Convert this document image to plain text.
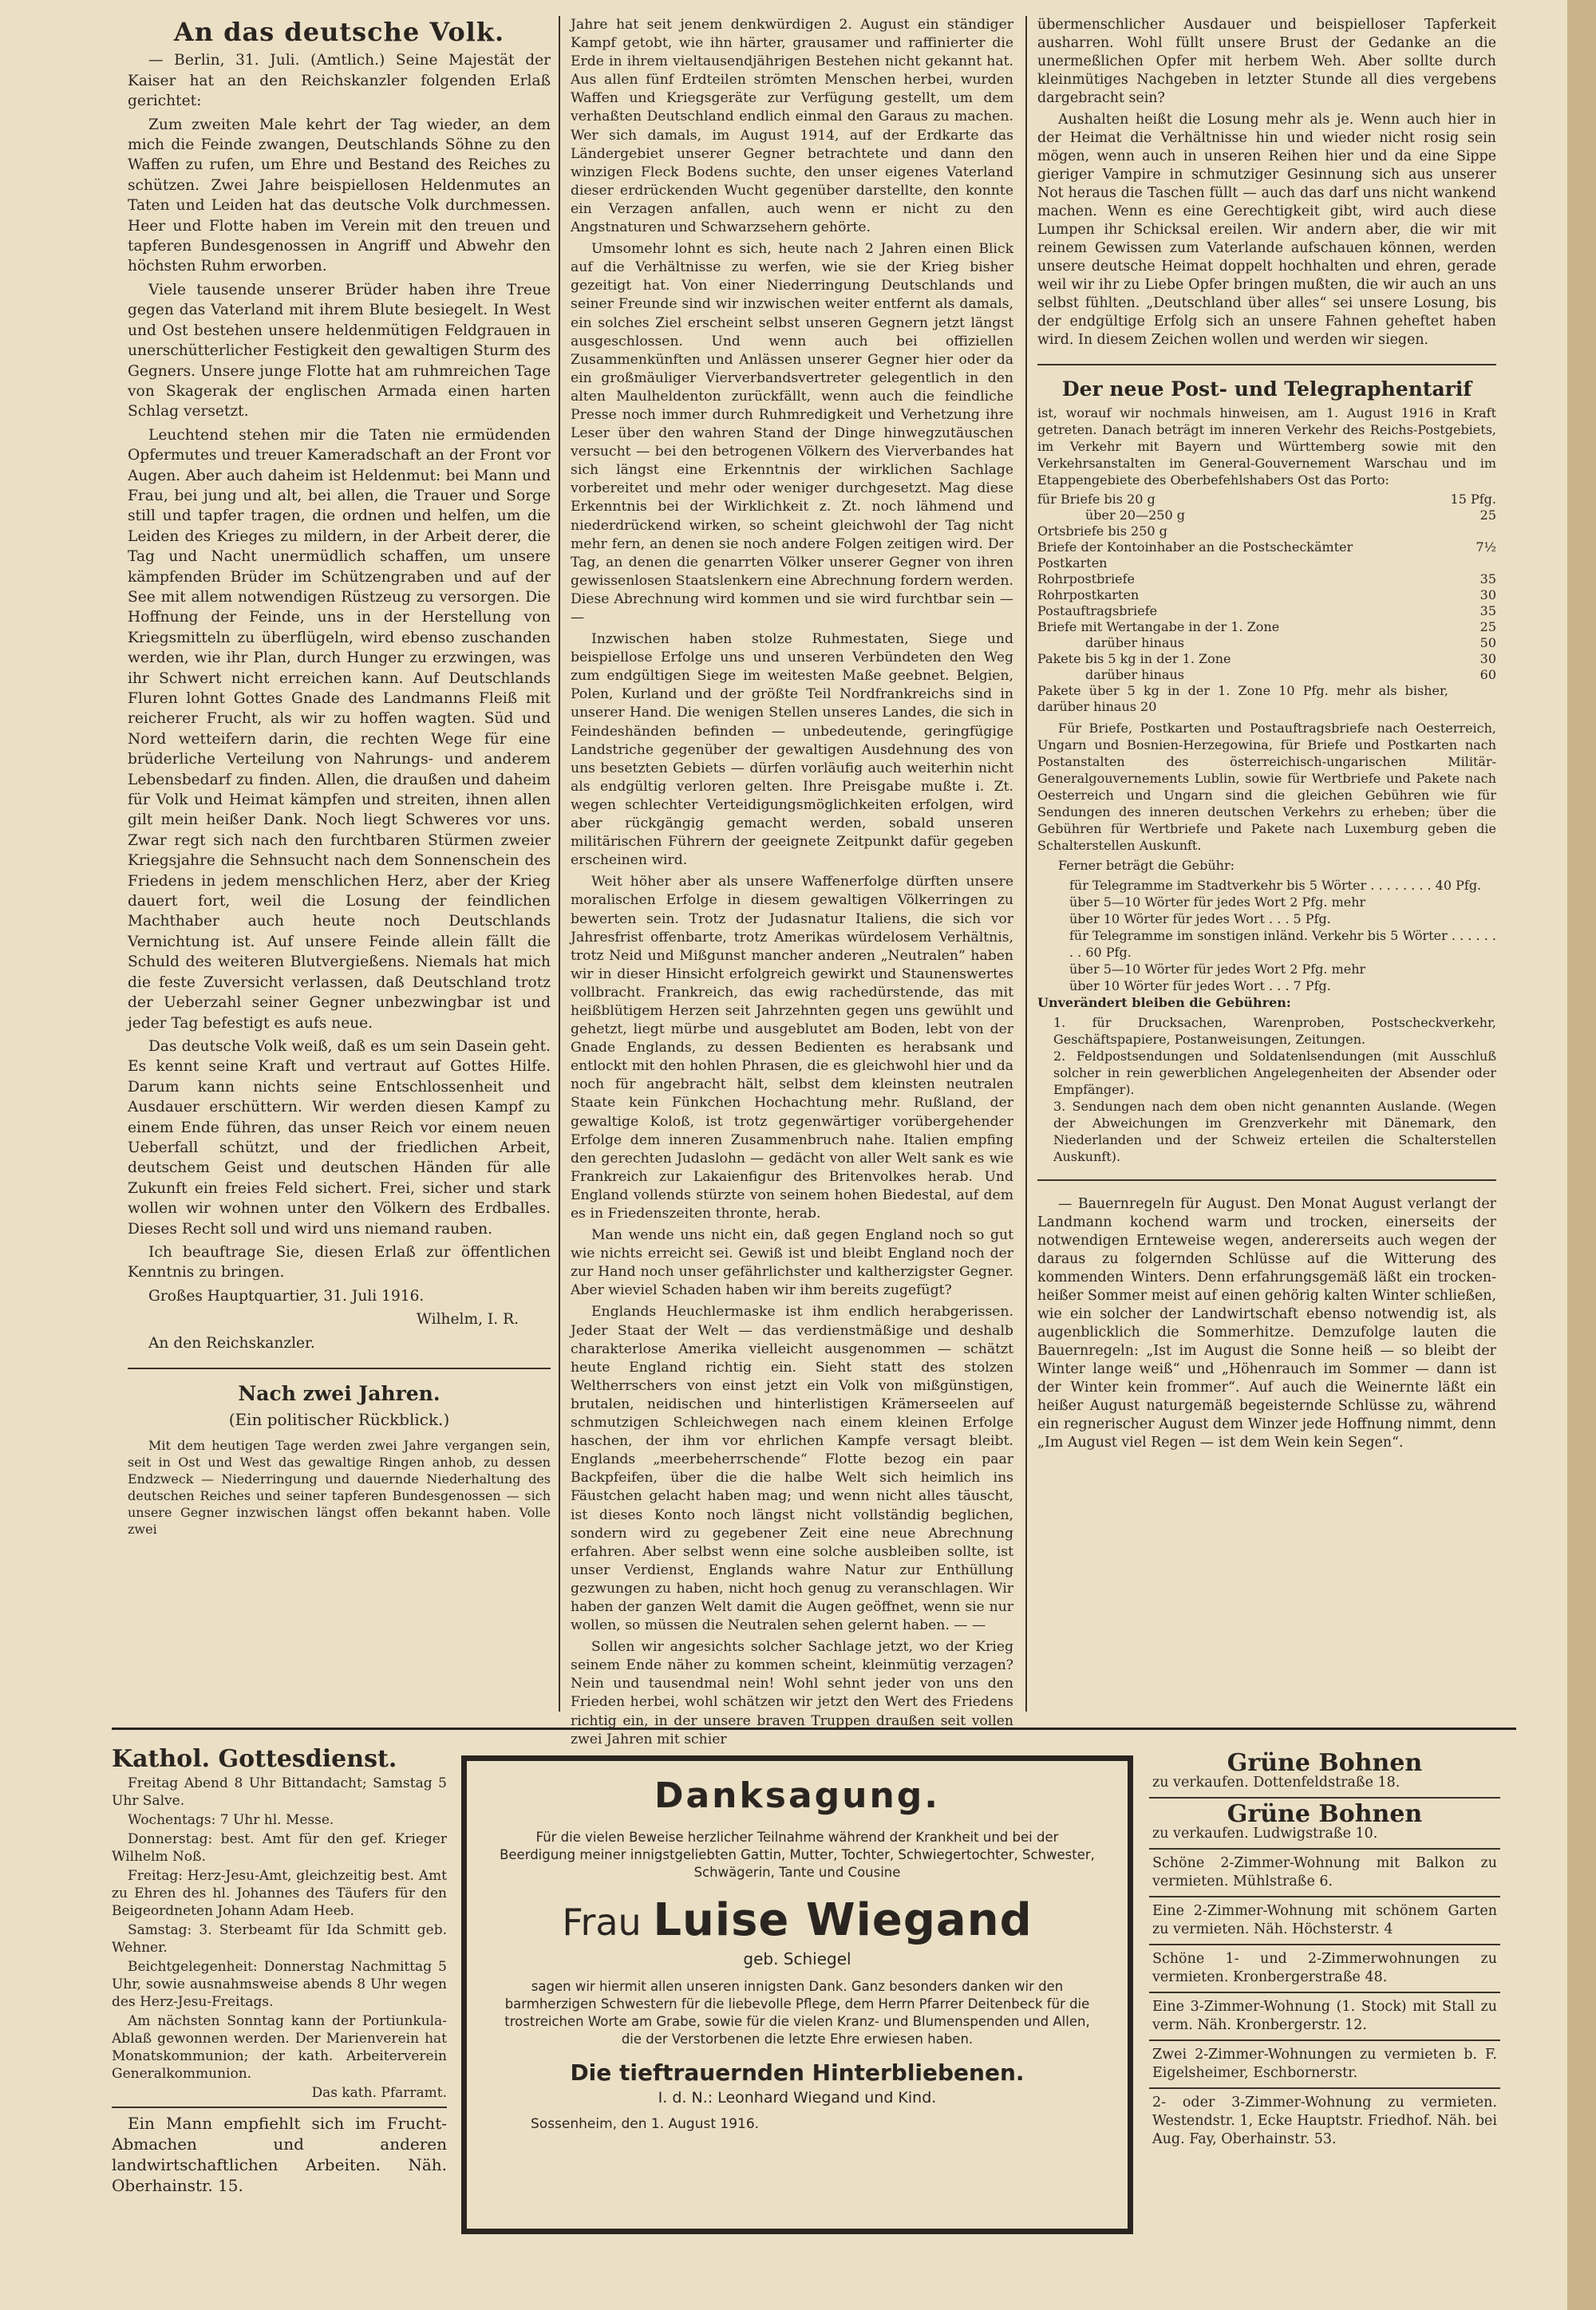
An das deutsche Volk.

— Berlin, 31. Juli. (Amtlich.) Seine Majestät der Kaiser hat an den Reichskanzler folgenden Erlaß gerichtet:

Zum zweiten Male kehrt der Tag wieder, an dem mich die Feinde zwangen, Deutschlands Söhne zu den Waffen zu rufen, um Ehre und Bestand des Reiches zu schützen. Zwei Jahre beispiellosen Heldenmutes an Taten und Leiden hat das deutsche Volk durchmessen. Heer und Flotte haben im Verein mit den treuen und tapferen Bundesgenossen in Angriff und Abwehr den höchsten Ruhm erworben.

Viele tausende unserer Brüder haben ihre Treue gegen das Vaterland mit ihrem Blute besiegelt. In West und Ost bestehen unsere heldenmütigen Feldgrauen in unerschütterlicher Festigkeit den gewaltigen Sturm des Gegners. Unsere junge Flotte hat am ruhmreichen Tage von Skagerak der englischen Armada einen harten Schlag versetzt.

Leuchtend stehen mir die Taten nie ermüdenden Opfermutes und treuer Kameradschaft an der Front vor Augen. Aber auch daheim ist Heldenmut: bei Mann und Frau, bei jung und alt, bei allen, die Trauer und Sorge still und tapfer tragen, die ordnen und helfen, um die Leiden des Krieges zu mildern, in der Arbeit derer, die Tag und Nacht unermüdlich schaffen, um unsere kämpfenden Brüder im Schützengraben und auf der See mit allem notwendigen Rüstzeug zu versorgen. Die Hoffnung der Feinde, uns in der Herstellung von Kriegsmitteln zu überflügeln, wird ebenso zuschanden werden, wie ihr Plan, durch Hunger zu erzwingen, was ihr Schwert nicht erreichen kann. Auf Deutschlands Fluren lohnt Gottes Gnade des Landmanns Fleiß mit reicherer Frucht, als wir zu hoffen wagten. Süd und Nord wetteifern darin, die rechten Wege für eine brüderliche Verteilung von Nahrungs- und anderem Lebensbedarf zu finden. Allen, die draußen und daheim für Volk und Heimat kämpfen und streiten, ihnen allen gilt mein heißer Dank. Noch liegt Schweres vor uns. Zwar regt sich nach den furchtbaren Stürmen zweier Kriegsjahre die Sehnsucht nach dem Sonnenschein des Friedens in jedem menschlichen Herz, aber der Krieg dauert fort, weil die Losung der feindlichen Machthaber auch heute noch Deutschlands Vernichtung ist. Auf unsere Feinde allein fällt die Schuld des weiteren Blutvergießens. Niemals hat mich die feste Zuversicht verlassen, daß Deutschland trotz der Ueberzahl seiner Gegner unbezwingbar ist und jeder Tag befestigt es aufs neue.

Das deutsche Volk weiß, daß es um sein Dasein geht. Es kennt seine Kraft und vertraut auf Gottes Hilfe. Darum kann nichts seine Entschlossenheit und Ausdauer erschüttern. Wir werden diesen Kampf zu einem Ende führen, das unser Reich vor einem neuen Ueberfall schützt, und der friedlichen Arbeit, deutschem Geist und deutschen Händen für alle Zukunft ein freies Feld sichert. Frei, sicher und stark wollen wir wohnen unter den Völkern des Erdballes. Dieses Recht soll und wird uns niemand rauben.

Ich beauftrage Sie, diesen Erlaß zur öffentlichen Kenntnis zu bringen.

Großes Hauptquartier, 31. Juli 1916.

Wilhelm, I. R.

An den Reichskanzler.

Nach zwei Jahren.
(Ein politischer Rückblick.)

Mit dem heutigen Tage werden zwei Jahre vergangen sein, seit in Ost und West das gewaltige Ringen anhob, zu dessen Endzweck — Niederringung und dauernde Niederhaltung des deutschen Reiches und seiner tapferen Bundesgenossen — sich unsere Gegner inzwischen längst offen bekannt haben. Volle zwei

Jahre hat seit jenem denkwürdigen 2. August ein ständiger Kampf getobt, wie ihn härter, grausamer und raffinierter die Erde in ihrem vieltausendjährigen Bestehen nicht gekannt hat. Aus allen fünf Erdteilen strömten Menschen herbei, wurden Waffen und Kriegsgeräte zur Verfügung gestellt, um dem verhaßten Deutschland endlich einmal den Garaus zu machen. Wer sich damals, im August 1914, auf der Erdkarte das Ländergebiet unserer Gegner betrachtete und dann den winzigen Fleck Bodens suchte, den unser eigenes Vaterland dieser erdrückenden Wucht gegenüber darstellte, den konnte ein Verzagen anfallen, auch wenn er nicht zu den Angstnaturen und Schwarzsehern gehörte.

Umsomehr lohnt es sich, heute nach 2 Jahren einen Blick auf die Verhältnisse zu werfen, wie sie der Krieg bisher gezeitigt hat. Von einer Niederringung Deutschlands und seiner Freunde sind wir inzwischen weiter entfernt als damals, ein solches Ziel erscheint selbst unseren Gegnern jetzt längst ausgeschlossen. Und wenn auch bei offiziellen Zusammenkünften und Anlässen unserer Gegner hier oder da ein großmäuliger Vierverbandsvertreter gelegentlich in den alten Maulheldenton zurückfällt, wenn auch die feindliche Presse noch immer durch Ruhmredigkeit und Verhetzung ihre Leser über den wahren Stand der Dinge hinwegzutäuschen versucht — bei den betrogenen Völkern des Vierverbandes hat sich längst eine Erkenntnis der wirklichen Sachlage vorbereitet und mehr oder weniger durchgesetzt. Mag diese Erkenntnis bei der Wirklichkeit z. Zt. noch lähmend und niederdrückend wirken, so scheint gleichwohl der Tag nicht mehr fern, an denen sie noch andere Folgen zeitigen wird. Der Tag, an denen die genarrten Völker unserer Gegner von ihren gewissenlosen Staatslenkern eine Abrechnung fordern werden. Diese Abrechnung wird kommen und sie wird furchtbar sein — —

Inzwischen haben stolze Ruhmestaten, Siege und beispiellose Erfolge uns und unseren Verbündeten den Weg zum endgültigen Siege im weitesten Maße geebnet. Belgien, Polen, Kurland und der größte Teil Nordfrankreichs sind in unserer Hand. Die wenigen Stellen unseres Landes, die sich in Feindeshänden befinden — unbedeutende, geringfügige Landstriche gegenüber der gewaltigen Ausdehnung des von uns besetzten Gebiets — dürfen vorläufig auch weiterhin nicht als endgültig verloren gelten. Ihre Preisgabe mußte i. Zt. wegen schlechter Verteidigungsmöglichkeiten erfolgen, wird aber rückgängig gemacht werden, sobald unseren militärischen Führern der geeignete Zeitpunkt dafür gegeben erscheinen wird.

Weit höher aber als unsere Waffenerfolge dürften unsere moralischen Erfolge in diesem gewaltigen Völkerringen zu bewerten sein. Trotz der Judasnatur Italiens, die sich vor Jahresfrist offenbarte, trotz Amerikas würdelosem Verhältnis, trotz Neid und Mißgunst mancher anderen „Neutralen“ haben wir in dieser Hinsicht erfolgreich gewirkt und Staunenswertes vollbracht. Frankreich, das ewig rachedürstende, das mit heißblütigem Herzen seit Jahrzehnten gegen uns gewühlt und gehetzt, liegt mürbe und ausgeblutet am Boden, lebt von der Gnade Englands, zu dessen Bedienten es herabsank und entlockt mit den hohlen Phrasen, die es gleichwohl hier und da noch für angebracht hält, selbst dem kleinsten neutralen Staate kein Fünkchen Hochachtung mehr. Rußland, der gewaltige Koloß, ist trotz gegenwärtiger vorübergehender Erfolge dem inneren Zusammenbruch nahe. Italien empfing den gerechten Judaslohn — gedächt von aller Welt sank es wie Frankreich zur Lakaienfigur des Britenvolkes herab. Und England vollends stürzte von seinem hohen Biedestal, auf dem es in Friedenszeiten thronte, herab.

Man wende uns nicht ein, daß gegen England noch so gut wie nichts erreicht sei. Gewiß ist und bleibt England noch der zur Hand noch unser gefährlichster und kaltherzigster Gegner. Aber wieviel Schaden haben wir ihm bereits zugefügt?

Englands Heuchlermaske ist ihm endlich herabgerissen. Jeder Staat der Welt — das verdienstmäßige und deshalb charakterlose Amerika vielleicht ausgenommen — schätzt heute England richtig ein. Sieht statt des stolzen Weltherrschers von einst jetzt ein Volk von mißgünstigen, brutalen, neidischen und hinterlistigen Krämerseelen auf schmutzigen Schleichwegen nach einem kleinen Erfolge haschen, der ihm vor ehrlichen Kampfe versagt bleibt. Englands „meerbeherrschende“ Flotte bezog ein paar Backpfeifen, über die die halbe Welt sich heimlich ins Fäustchen gelacht haben mag; und wenn nicht alles täuscht, ist dieses Konto noch längst nicht vollständig beglichen, sondern wird zu gegebener Zeit eine neue Abrechnung erfahren. Aber selbst wenn eine solche ausbleiben sollte, ist unser Verdienst, Englands wahre Natur zur Enthüllung gezwungen zu haben, nicht hoch genug zu veranschlagen. Wir haben der ganzen Welt damit die Augen geöffnet, wenn sie nur wollen, so müssen die Neutralen sehen gelernt haben. — —

Sollen wir angesichts solcher Sachlage jetzt, wo der Krieg seinem Ende näher zu kommen scheint, kleinmütig verzagen? Nein und tausendmal nein! Wohl sehnt jeder von uns den Frieden herbei, wohl schätzen wir jetzt den Wert des Friedens richtig ein, in der unsere braven Truppen draußen seit vollen zwei Jahren mit schier

übermenschlicher Ausdauer und beispielloser Tapferkeit ausharren. Wohl füllt unsere Brust der Gedanke an die unermeßlichen Opfer mit herbem Weh. Aber sollte durch kleinmütiges Nachgeben in letzter Stunde all dies vergebens dargebracht sein?

Aushalten heißt die Losung mehr als je. Wenn auch hier in der Heimat die Verhältnisse hin und wieder nicht rosig sein mögen, wenn auch in unseren Reihen hier und da eine Sippe gieriger Vampire in schmutziger Gesinnung sich aus unserer Not heraus die Taschen füllt — auch das darf uns nicht wankend machen. Wenn es eine Gerechtigkeit gibt, wird auch diese Lumpen ihr Schicksal ereilen. Wir andern aber, die wir mit reinem Gewissen zum Vaterlande aufschauen können, werden unsere deutsche Heimat doppelt hochhalten und ehren, gerade weil wir ihr zu Liebe Opfer bringen mußten, die wir auch an uns selbst fühlten. „Deutschland über alles“ sei unsere Losung, bis der endgültige Erfolg sich an unsere Fahnen geheftet haben wird. In diesem Zeichen wollen und werden wir siegen.

Der neue Post- und Telegraphentarif

ist, worauf wir nochmals hinweisen, am 1. August 1916 in Kraft getreten. Danach beträgt im inneren Verkehr des Reichs-Postgebiets, im Verkehr mit Bayern und Württemberg sowie mit den Verkehrsanstalten im General-Gouvernement Warschau und im Etappengebiete des Oberbefehlshabers Ost das Porto:

für Briefe bis 20 g	15 Pfg.
über 20—250 g	25
Ortsbriefe bis 250 g	
Briefe der Kontoinhaber an die Postscheckämter	7½
Postkarten	
Rohrpostbriefe	35
Rohrpostkarten	30
Postauftragsbriefe	35
Briefe mit Wertangabe in der 1. Zone	25
darüber hinaus	50
Pakete bis 5 kg in der 1. Zone	30
darüber hinaus	60
Pakete über 5 kg in der 1. Zone 10 Pfg. mehr als bisher, darüber hinaus 20	

Für Briefe, Postkarten und Postauftragsbriefe nach Oesterreich, Ungarn und Bosnien-Herzegowina, für Briefe und Postkarten nach Postanstalten des österreichisch-ungarischen Militär-Generalgouvernements Lublin, sowie für Wertbriefe und Pakete nach Oesterreich und Ungarn sind die gleichen Gebühren wie für Sendungen des inneren deutschen Verkehrs zu erheben; über die Gebühren für Wertbriefe und Pakete nach Luxemburg geben die Schalterstellen Auskunft.

Ferner beträgt die Gebühr:

für Telegramme im Stadtverkehr bis 5 Wörter . . . . . . . . 40 Pfg.
über 5—10 Wörter für jedes Wort 2 Pfg. mehr
über 10 Wörter für jedes Wort . . . 5 Pfg.
für Telegramme im sonstigen inländ. Verkehr bis 5 Wörter . . . . . . . . 60 Pfg.
über 5—10 Wörter für jedes Wort 2 Pfg. mehr
über 10 Wörter für jedes Wort . . . 7 Pfg.

Unverändert bleiben die Gebühren:

1. für Drucksachen, Warenproben, Postscheckverkehr, Geschäftspapiere, Postanweisungen, Zeitungen.
2. Feldpostsendungen und Soldatenlsendungen (mit Ausschluß solcher in rein gewerblichen Angelegenheiten der Absender oder Empfänger).
3. Sendungen nach dem oben nicht genannten Auslande. (Wegen der Abweichungen im Grenzverkehr mit Dänemark, den Niederlanden und der Schweiz erteilen die Schalterstellen Auskunft).

— Bauernregeln für August. Den Monat August verlangt der Landmann kochend warm und trocken, einerseits der notwendigen Ernteweise wegen, andererseits auch wegen der daraus zu folgernden Schlüsse auf die Witterung des kommenden Winters. Denn erfahrungsgemäß läßt ein trocken-heißer Sommer meist auf einen gehörig kalten Winter schließen, wie ein solcher der Landwirtschaft ebenso notwendig ist, als augenblicklich die Sommerhitze. Demzufolge lauten die Bauernregeln: „Ist im August die Sonne heiß — so bleibt der Winter lange weiß“ und „Höhenrauch im Sommer — dann ist der Winter kein frommer“. Auf auch die Weinernte läßt ein heißer August naturgemäß begeisternde Schlüsse zu, während ein regnerischer August dem Winzer jede Hoffnung nimmt, denn „Im August viel Regen — ist dem Wein kein Segen“.

Kathol. Gottesdienst.

Freitag Abend 8 Uhr Bittandacht; Samstag 5 Uhr Salve.

Wochentags: 7 Uhr hl. Messe.

Donnerstag: best. Amt für den gef. Krieger Wilhelm Noß.

Freitag: Herz-Jesu-Amt, gleichzeitig best. Amt zu Ehren des hl. Johannes des Täufers für den Beigeordneten Johann Adam Heeb.

Samstag: 3. Sterbeamt für Ida Schmitt geb. Wehner.

Beichtgelegenheit: Donnerstag Nachmittag 5 Uhr, sowie ausnahmsweise abends 8 Uhr wegen des Herz-Jesu-Freitags.

Am nächsten Sonntag kann der Portiunkula-Ablaß gewonnen werden. Der Marienverein hat Monatskommunion; der kath. Arbeiterverein Generalkommunion.

Das kath. Pfarramt.

Ein Mann empfiehlt sich im Frucht-Abmachen und anderen landwirtschaftlichen Arbeiten. Näh. Oberhainstr. 15.

Danksagung.
Für die vielen Beweise herzlicher Teilnahme während der Krankheit und bei der Beerdigung meiner innigstgeliebten Gattin, Mutter, Tochter, Schwiegertochter, Schwester, Schwägerin, Tante und Cousine
Frau Luise Wiegand
geb. Schiegel
sagen wir hiermit allen unseren innigsten Dank. Ganz besonders danken wir den barmherzigen Schwestern für die liebevolle Pflege, dem Herrn Pfarrer Deitenbeck für die trostreichen Worte am Grabe, sowie für die vielen Kranz- und Blumenspenden und Allen, die der Verstorbenen die letzte Ehre erwiesen haben.
Die tieftrauernden Hinterbliebenen.
I. d. N.: Leonhard Wiegand und Kind.
Sossenheim, den 1. August 1916.
Grüne Bohnen
zu verkaufen. Dottenfeldstraße 18.
Grüne Bohnen
zu verkaufen. Ludwigstraße 10.
Schöne 2-Zimmer-Wohnung mit Balkon zu vermieten. Mühlstraße 6.
Eine 2-Zimmer-Wohnung mit schönem Garten zu vermieten. Näh. Höchsterstr. 4
Schöne 1- und 2-Zimmerwohnungen zu vermieten. Kronbergerstraße 48.
Eine 3-Zimmer-Wohnung (1. Stock) mit Stall zu verm. Näh. Kronbergerstr. 12.
Zwei 2-Zimmer-Wohnungen zu vermieten b. F. Eigelsheimer, Eschbornerstr.
2- oder 3-Zimmer-Wohnung zu vermieten. Westendstr. 1, Ecke Hauptstr. Friedhof. Näh. bei Aug. Fay, Oberhainstr. 53.
